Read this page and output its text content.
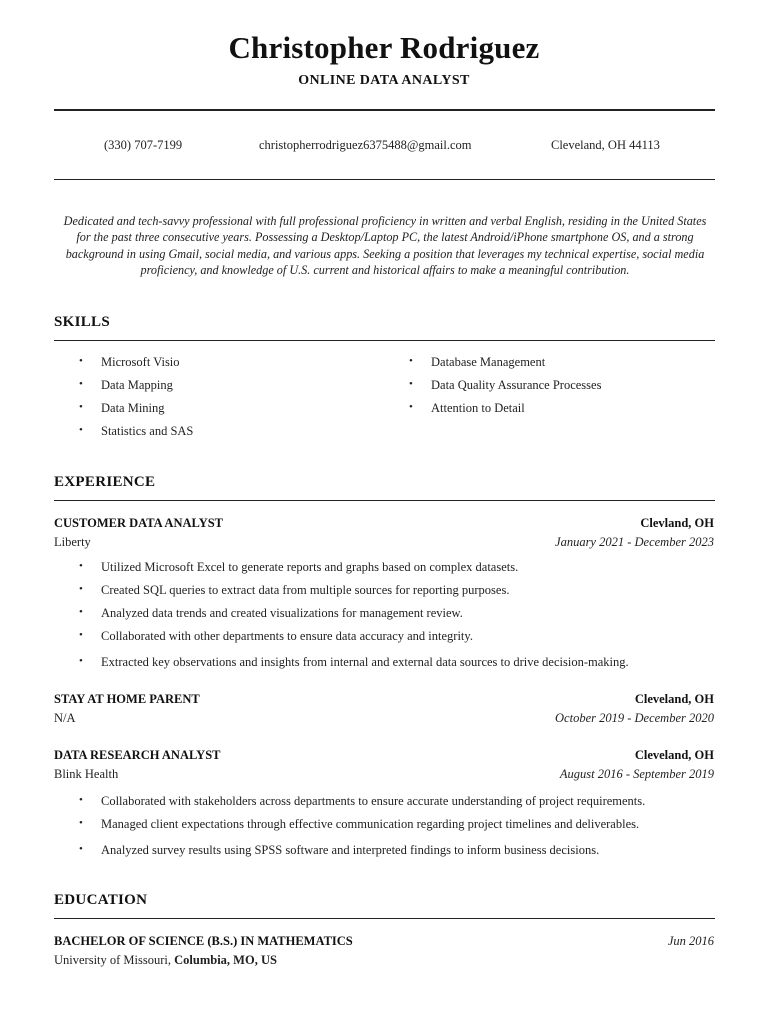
Christopher Rodriguez
ONLINE DATA ANALYST
(330) 707-7199	christopherrodriguez6375488@gmail.com	Cleveland, OH 44113
Dedicated and tech-savvy professional with full professional proficiency in written and verbal English, residing in the United States for the past three consecutive years. Possessing a Desktop/Laptop PC, the latest Android/iPhone smartphone OS, and a strong background in using Gmail, social media, and various apps. Seeking a position that leverages my technical expertise, social media proficiency, and knowledge of U.S. current and historical affairs to make a meaningful contribution.
SKILLS
• Microsoft Visio
• Data Mapping
• Data Mining
• Statistics and SAS
• Database Management
• Data Quality Assurance Processes
• Attention to Detail
EXPERIENCE
CUSTOMER DATA ANALYST	Clevland, OH
Liberty	January 2021 - December 2023
• Utilized Microsoft Excel to generate reports and graphs based on complex datasets.
• Created SQL queries to extract data from multiple sources for reporting purposes.
• Analyzed data trends and created visualizations for management review.
• Collaborated with other departments to ensure data accuracy and integrity.
• Extracted key observations and insights from internal and external data sources to drive decision-making.
STAY AT HOME PARENT	Cleveland, OH
N/A	October 2019 - December 2020
DATA RESEARCH ANALYST	Cleveland, OH
Blink Health	August 2016 - September 2019
• Collaborated with stakeholders across departments to ensure accurate understanding of project requirements.
• Managed client expectations through effective communication regarding project timelines and deliverables.
• Analyzed survey results using SPSS software and interpreted findings to inform business decisions.
EDUCATION
BACHELOR OF SCIENCE (B.S.) IN MATHEMATICS	Jun 2016
University of Missouri, Columbia, MO, US
